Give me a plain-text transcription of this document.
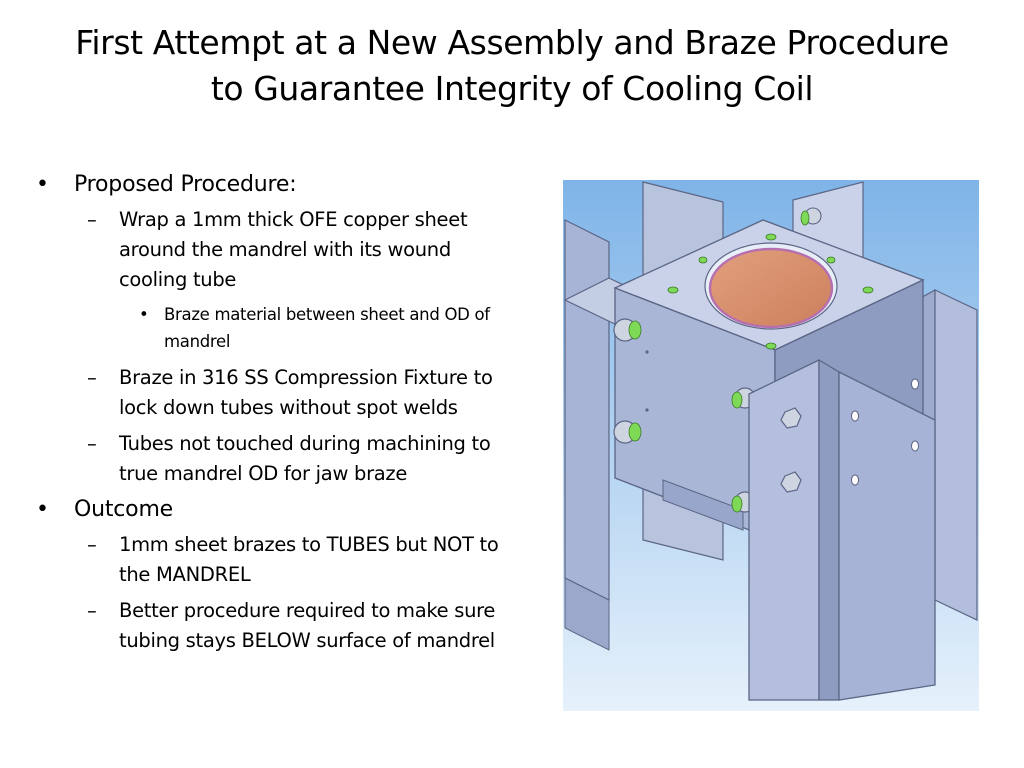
First Attempt at a New Assembly and Braze Procedure
to Guarantee Integrity of Cooling Coil
• Proposed Procedure:
– Wrap a 1mm thick OFE copper sheet around the mandrel with its wound cooling tube
• Braze material between sheet and OD of mandrel
– Braze in 316 SS Compression Fixture to lock down tubes without spot welds
– Tubes not touched during machining to true mandrel OD for jaw braze
• Outcome
– 1mm sheet brazes to TUBES but NOT to the MANDREL
– Better procedure required to make sure tubing stays BELOW surface of mandrel
